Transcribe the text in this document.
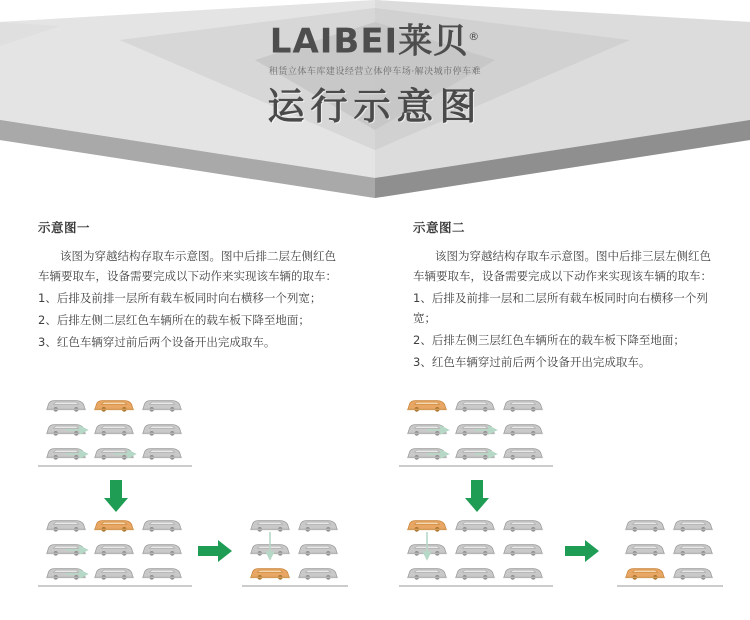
LAIBEI莱贝®
租赁立体车库建设经营立体停车场·解决城市停车难
运行示意图
示意图一

该图为穿越结构存取车示意图。图中后排二层左侧红色车辆要取车，设备需要完成以下动作来实现该车辆的取车：

1、后排及前排一层所有载车板同时向右横移一个列宽；

2、后排左侧二层红色车辆所在的载车板下降至地面；

3、红色车辆穿过前后两个设备开出完成取车。

示意图二

该图为穿越结构存取车示意图。图中后排三层左侧红色车辆要取车，设备需要完成以下动作来实现该车辆的取车：

1、后排及前排一层和二层所有载车板同时向右横移一个列宽；

2、后排左侧三层红色车辆所在的载车板下降至地面；

3、红色车辆穿过前后两个设备开出完成取车。
